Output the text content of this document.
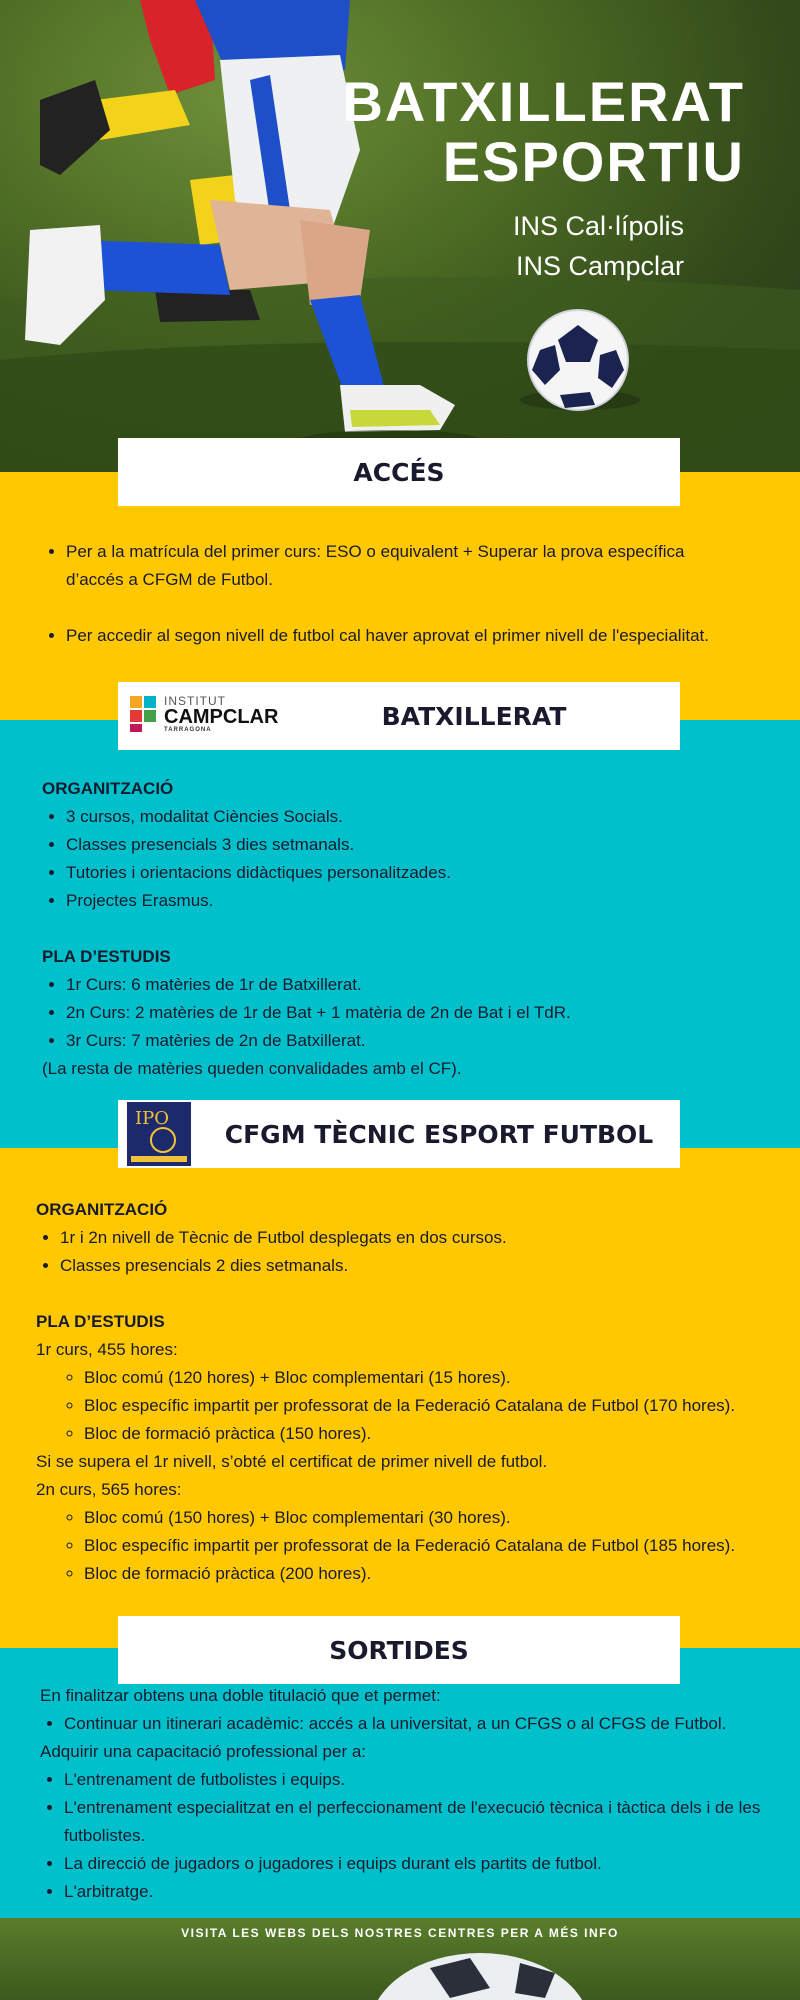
BATXILLERAT
ESPORTIU
INS Cal·lípolis
INS Campclar
ACCÉS
• Per a la matrícula del primer curs: ESO o equivalent + Superar la prova específica d’accés a CFGM de Futbol.
• Per accedir al segon nivell de futbol cal haver aprovat el primer nivell de l'especialitat.
BATXILLERAT
INSTITUT
CAMPCLAR
TARRAGONA

ORGANITZACIÓ

• 3 cursos, modalitat Ciències Socials.
• Classes presencials 3 dies setmanals.
• Tutories i orientacions didàctiques personalitzades.
• Projectes Erasmus.

PLA D’ESTUDIS

• 1r Curs: 6 matèries de 1r de Batxillerat.
• 2n Curs: 2 matèries de 1r de Bat + 1 matèria de 2n de Bat i el TdR.
• 3r Curs: 7 matèries de 2n de Batxillerat.

(La resta de matèries queden convalidades amb el CF).

CFGM TÈCNIC ESPORT FUTBOL
IPO

ORGANITZACIÓ

• 1r i 2n nivell de Tècnic de Futbol desplegats en dos cursos.
• Classes presencials 2 dies setmanals.

PLA D’ESTUDIS

1r curs, 455 hores:

◦ Bloc comú (120 hores) + Bloc complementari (15 hores).
◦ Bloc específic impartit per professorat de la Federació Catalana de Futbol (170 hores).
◦ Bloc de formació pràctica (150 hores).

Si se supera el 1r nivell, s’obté el certificat de primer nivell de futbol.

2n curs, 565 hores:

◦ Bloc comú (150 hores) + Bloc complementari (30 hores).
◦ Bloc específic impartit per professorat de la Federació Catalana de Futbol (185 hores).
◦ Bloc de formació pràctica (200 hores).
SORTIDES

En finalitzar obtens una doble titulació que et permet:

• Continuar un itinerari acadèmic: accés a la universitat, a un CFGS o al CFGS de Futbol.

Adquirir una capacitació professional per a:

• L'entrenament de futbolistes i equips.
• L'entrenament especialitzat en el perfeccionament de l'execució tècnica i tàctica dels i de les futbolistes.
• La direcció de jugadors o jugadores i equips durant els partits de futbol.
• L'arbitratge.
VISITA LES WEBS DELS NOSTRES CENTRES PER A MÉS INFO
